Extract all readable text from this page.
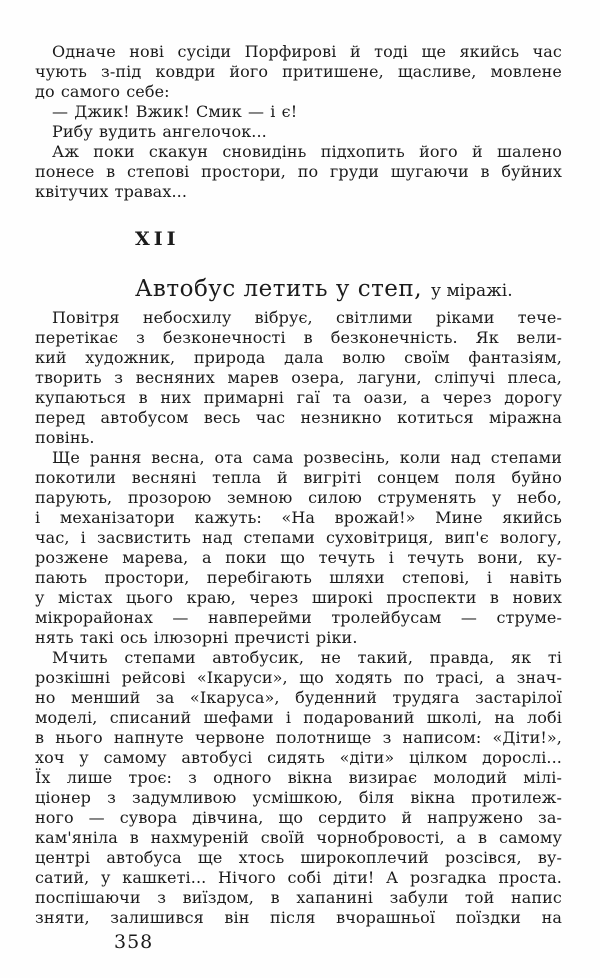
Одначе нові сусіди Порфирові й тоді ще якийсь час
чують з-під ковдри його притишене, щасливе, мовлене
до самого себе:
— Джик! Вжик! Смик — і є!
Рибу вудить ангелочок...
Аж поки скакун сновидінь підхопить його й шалено
понесе в степові простори, по груди шугаючи в буйних
квітучих травах...
XII
Автобус летить у степ, у міражі.
Повітря небосхилу вібрує, світлими ріками тече-
перетікає з безконечності в безконечність. Як вели-
кий художник, природа дала волю своїм фантазіям,
творить з весняних марев озера, лагуни, сліпучі плеса,
купаються в них примарні гаї та оази, а через дорогу
перед автобусом весь час незникно котиться міражна
повінь.
Ще рання весна, ота сама розвесінь, коли над степами
покотили весняні тепла й вигріті сонцем поля буйно
парують, прозорою земною силою струменять у небо,
і механізатори кажуть: «На врожай!» Мине якийсь
час, і засвистить над степами суховітриця, вип'є вологу,
розжене марева, а поки що течуть і течуть вони, ку-
пають простори, перебігають шляхи степові, і навіть
у містах цього краю, через широкі проспекти в нових
мікрорайонах — навперейми тролейбусам — струме-
нять такі ось ілюзорні пречисті ріки.
Мчить степами автобусик, не такий, правда, як ті
розкішні рейсові «Ікаруси», що ходять по трасі, а знач-
но менший за «Ікаруса», буденний трудяга застарілої
моделі, списаний шефами і подарований школі, на лобі
в нього напнуте червоне полотнище з написом: «Діти!»,
хоч у самому автобусі сидять «діти» цілком дорослі...
Їх лише троє: з одного вікна визирає молодий мілі-
ціонер з задумливою усмішкою, біля вікна протилеж-
ного — сувора дівчина, що сердито й напружено за-
кам'яніла в нахмуреній своїй чорнобровості, а в самому
центрі автобуса ще хтось широкоплечий розсівся, ву-
сатий, у кашкеті... Нічого собі діти! А розгадка проста.
поспішаючи з виїздом, в хапанині забули той напис
зняти, залишився він після вчорашньої поїздки на
358
